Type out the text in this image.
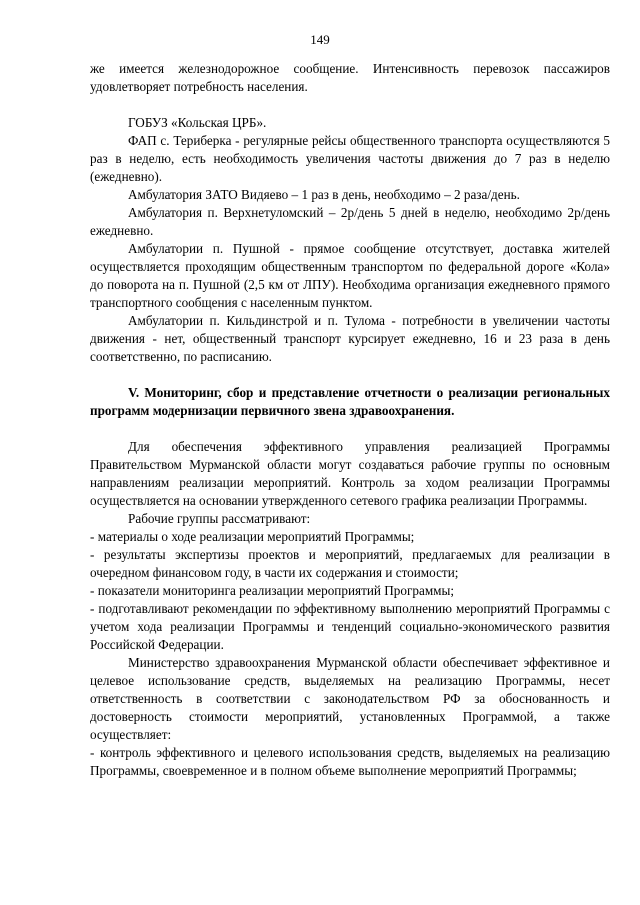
149

же имеется железнодорожное сообщение. Интенсивность перевозок пассажиров удовлетворяет потребность населения.

ГОБУЗ «Кольская ЦРБ».

ФАП с. Териберка - регулярные рейсы общественного транспорта осуществляются 5 раз в неделю, есть необходимость увеличения частоты движения до 7 раз в неделю (ежедневно).

Амбулатория ЗАТО Видяево – 1 раз в день, необходимо – 2 раза/день.

Амбулатория п. Верхнетуломский – 2р/день 5 дней в неделю, необходимо 2р/день ежедневно.

Амбулатории п. Пушной - прямое сообщение отсутствует, доставка жителей осуществляется проходящим общественным транспортом по федеральной дороге «Кола» до поворота на п. Пушной (2,5 км от ЛПУ). Необходима организация ежедневного прямого транспортного сообщения с населенным пунктом.

Амбулатории п. Кильдинстрой и п. Тулома - потребности в увеличении частоты движения - нет, общественный транспорт курсирует ежедневно, 16 и 23 раза в день соответственно, по расписанию.

V. Мониторинг, сбор и представление отчетности о реализации региональных программ модернизации первичного звена здравоохранения.

Для обеспечения эффективного управления реализацией Программы Правительством Мурманской области могут создаваться рабочие группы по основным направлениям реализации мероприятий. Контроль за ходом реализации Программы осуществляется на основании утвержденного сетевого графика реализации Программы.

Рабочие группы рассматривают:

- материалы о ходе реализации мероприятий Программы;

- результаты экспертизы проектов и мероприятий, предлагаемых для реализации в очередном финансовом году, в части их содержания и стоимости;

- показатели мониторинга реализации мероприятий Программы;

- подготавливают рекомендации по эффективному выполнению мероприятий Программы с учетом хода реализации Программы и тенденций социально-экономического развития Российской Федерации.

Министерство здравоохранения Мурманской области обеспечивает эффективное и целевое использование средств, выделяемых на реализацию Программы, несет ответственность в соответствии с законодательством РФ за обоснованность и достоверность стоимости мероприятий, установленных Программой, а также осуществляет:

- контроль эффективного и целевого использования средств, выделяемых на реализацию Программы, своевременное и в полном объеме выполнение мероприятий Программы;
